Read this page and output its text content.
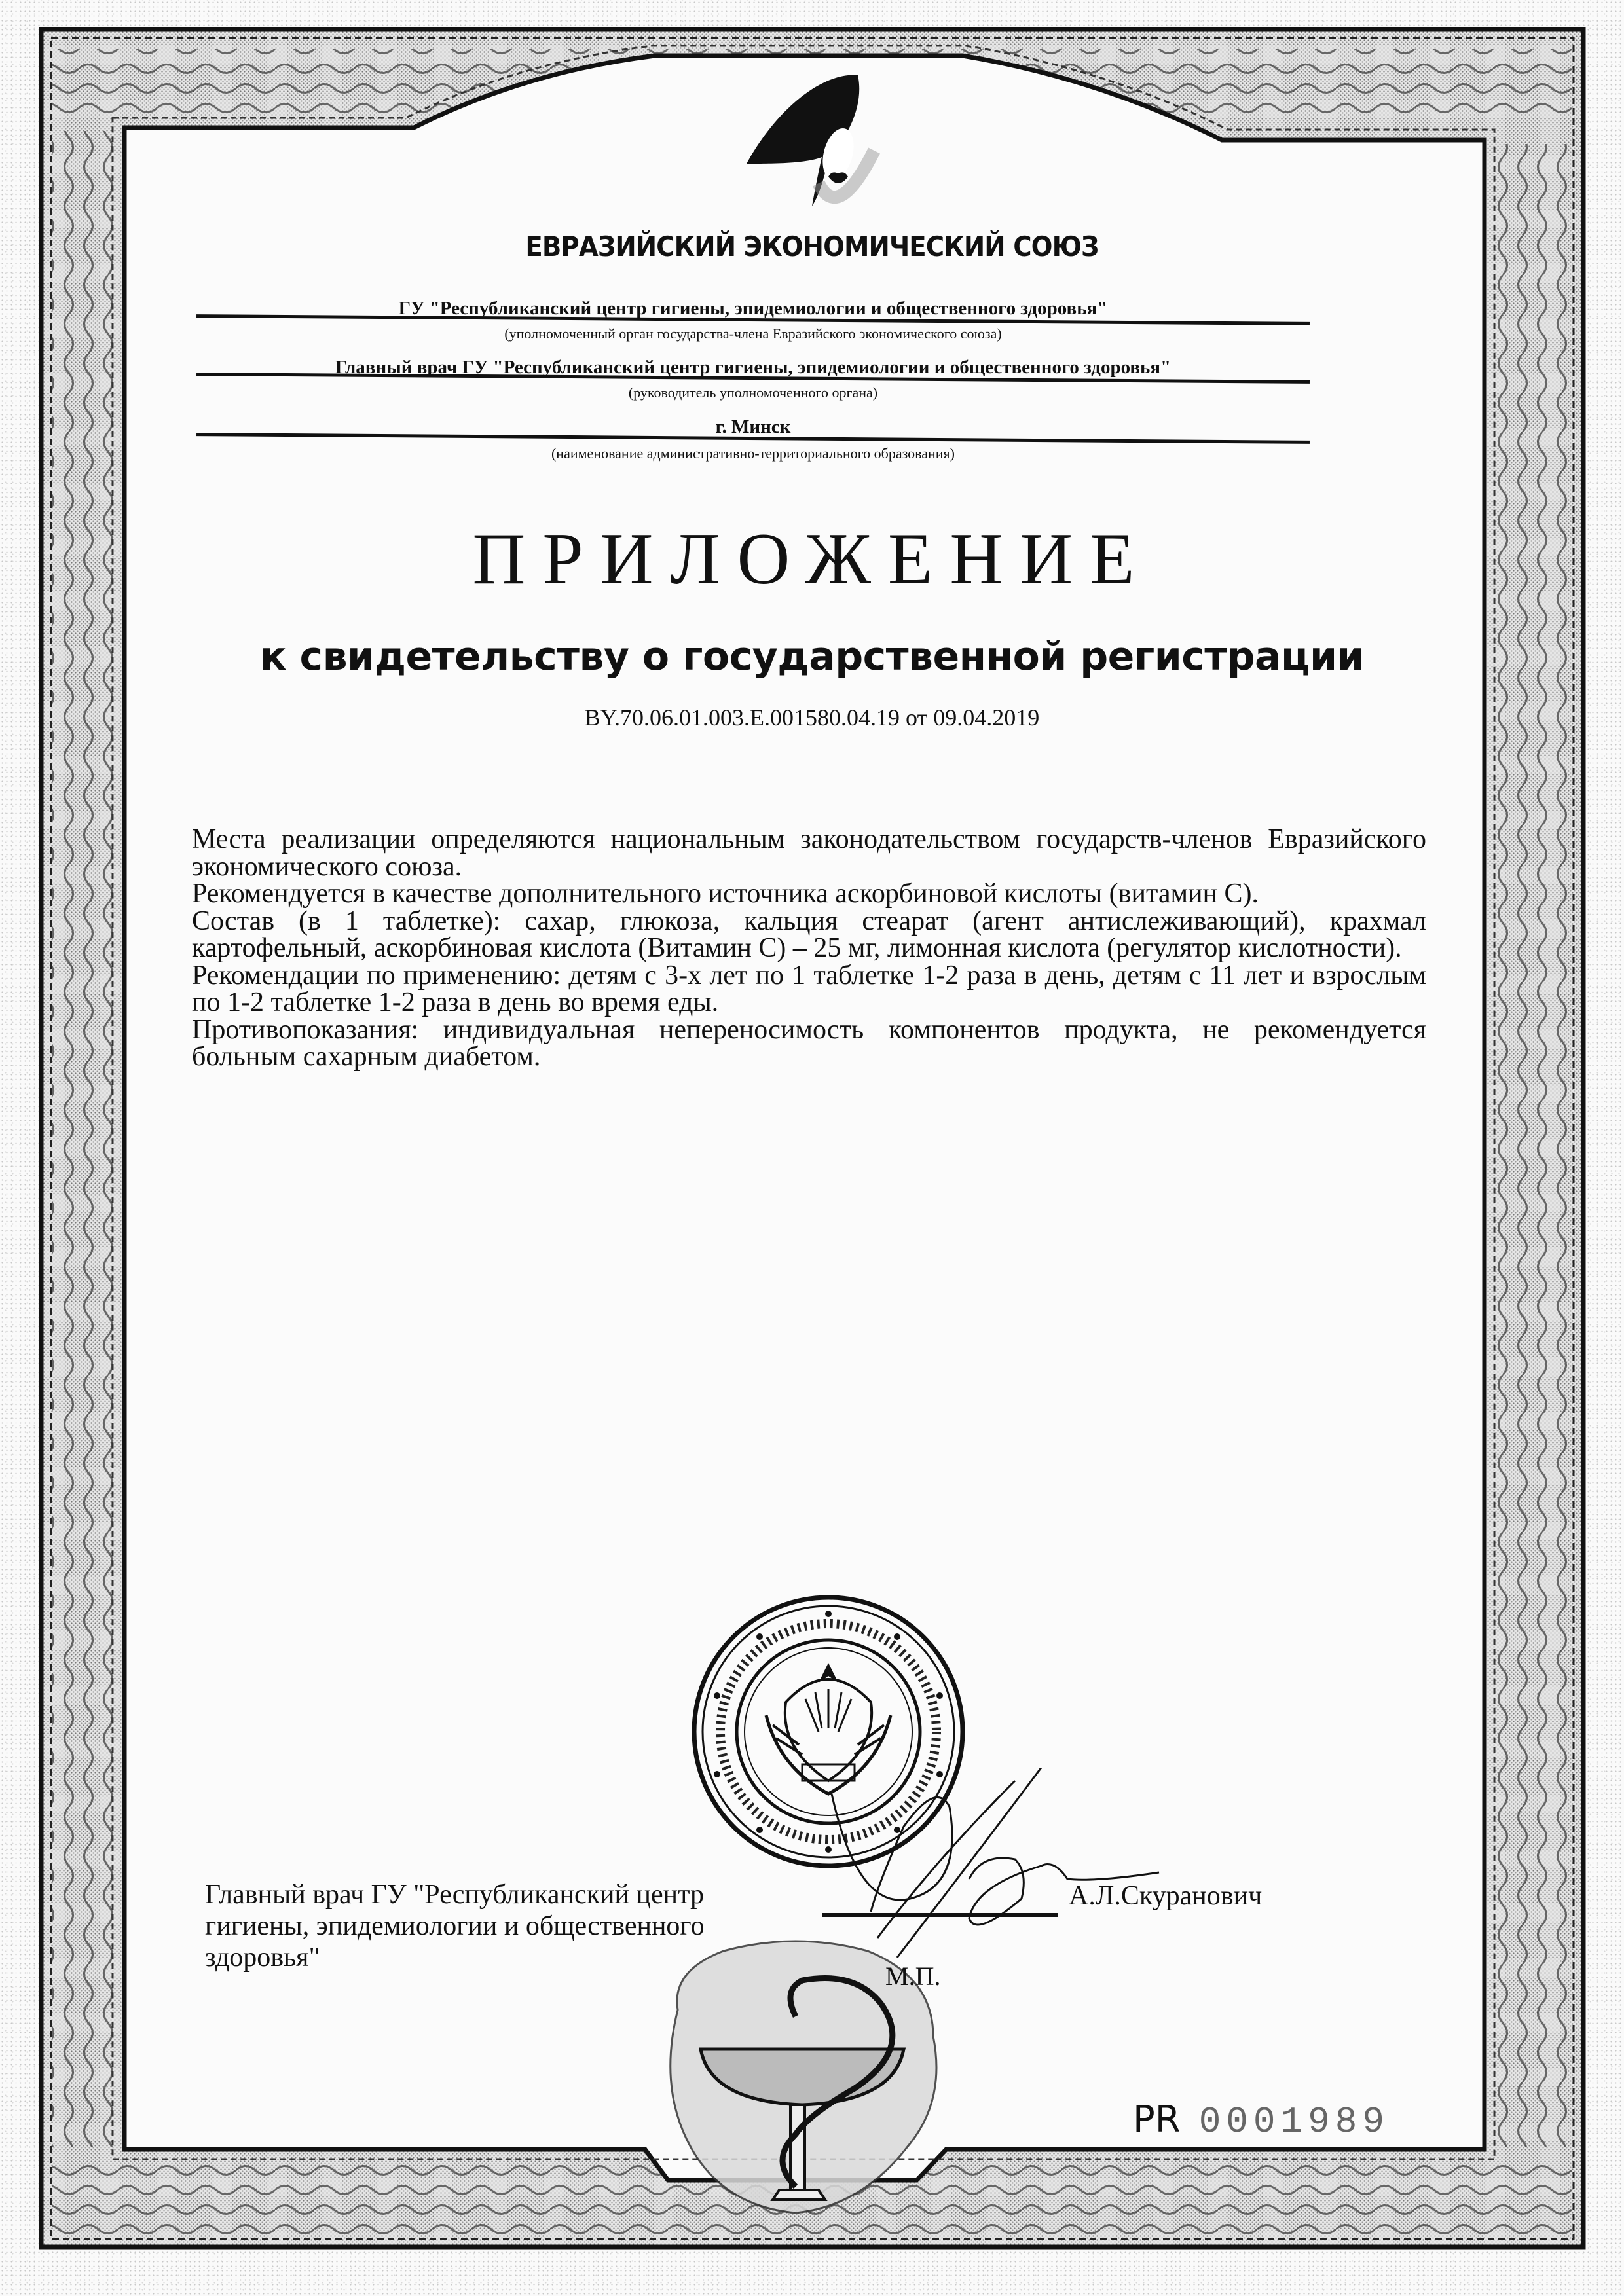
ЕВРАЗИЙСКИЙ ЭКОНОМИЧЕСКИЙ СОЮЗ
ГУ "Республиканский центр гигиены, эпидемиологии и общественного здоровья"
(уполномоченный орган государства-члена Евразийского экономического союза)
Главный врач ГУ "Республиканский центр гигиены, эпидемиологии и общественного здоровья"
(руководитель уполномоченного органа)
г. Минск
(наименование административно-территориального образования)
ПРИЛОЖЕНИЕ
к свидетельству о государственной регистрации
BY.70.06.01.003.E.001580.04.19 от 09.04.2019

Места реализации определяются национальным законодательством государств-членов Евразийского экономического союза.

Рекомендуется в качестве дополнительного источника аскорбиновой кислоты (витамин С).

Состав (в 1 таблетке): сахар, глюкоза, кальция стеарат (агент антислеживающий), крахмал картофельный, аскорбиновая кислота (Витамин С) – 25 мг, лимонная кислота (регулятор кислотности).

Рекомендации по применению: детям с 3-х лет по 1 таблетке 1-2 раза в день, детям с 11 лет и взрослым по 1-2 таблетке 1-2 раза в день во время еды.

Противопоказания: индивидуальная непереносимость компонентов продукта, не рекомендуется больным сахарным диабетом.

Главный врач ГУ "Республиканский центр
гигиены, эпидемиологии и общественного
здоровья"
А.Л.Скуранович
М.П.
PR 0001989
